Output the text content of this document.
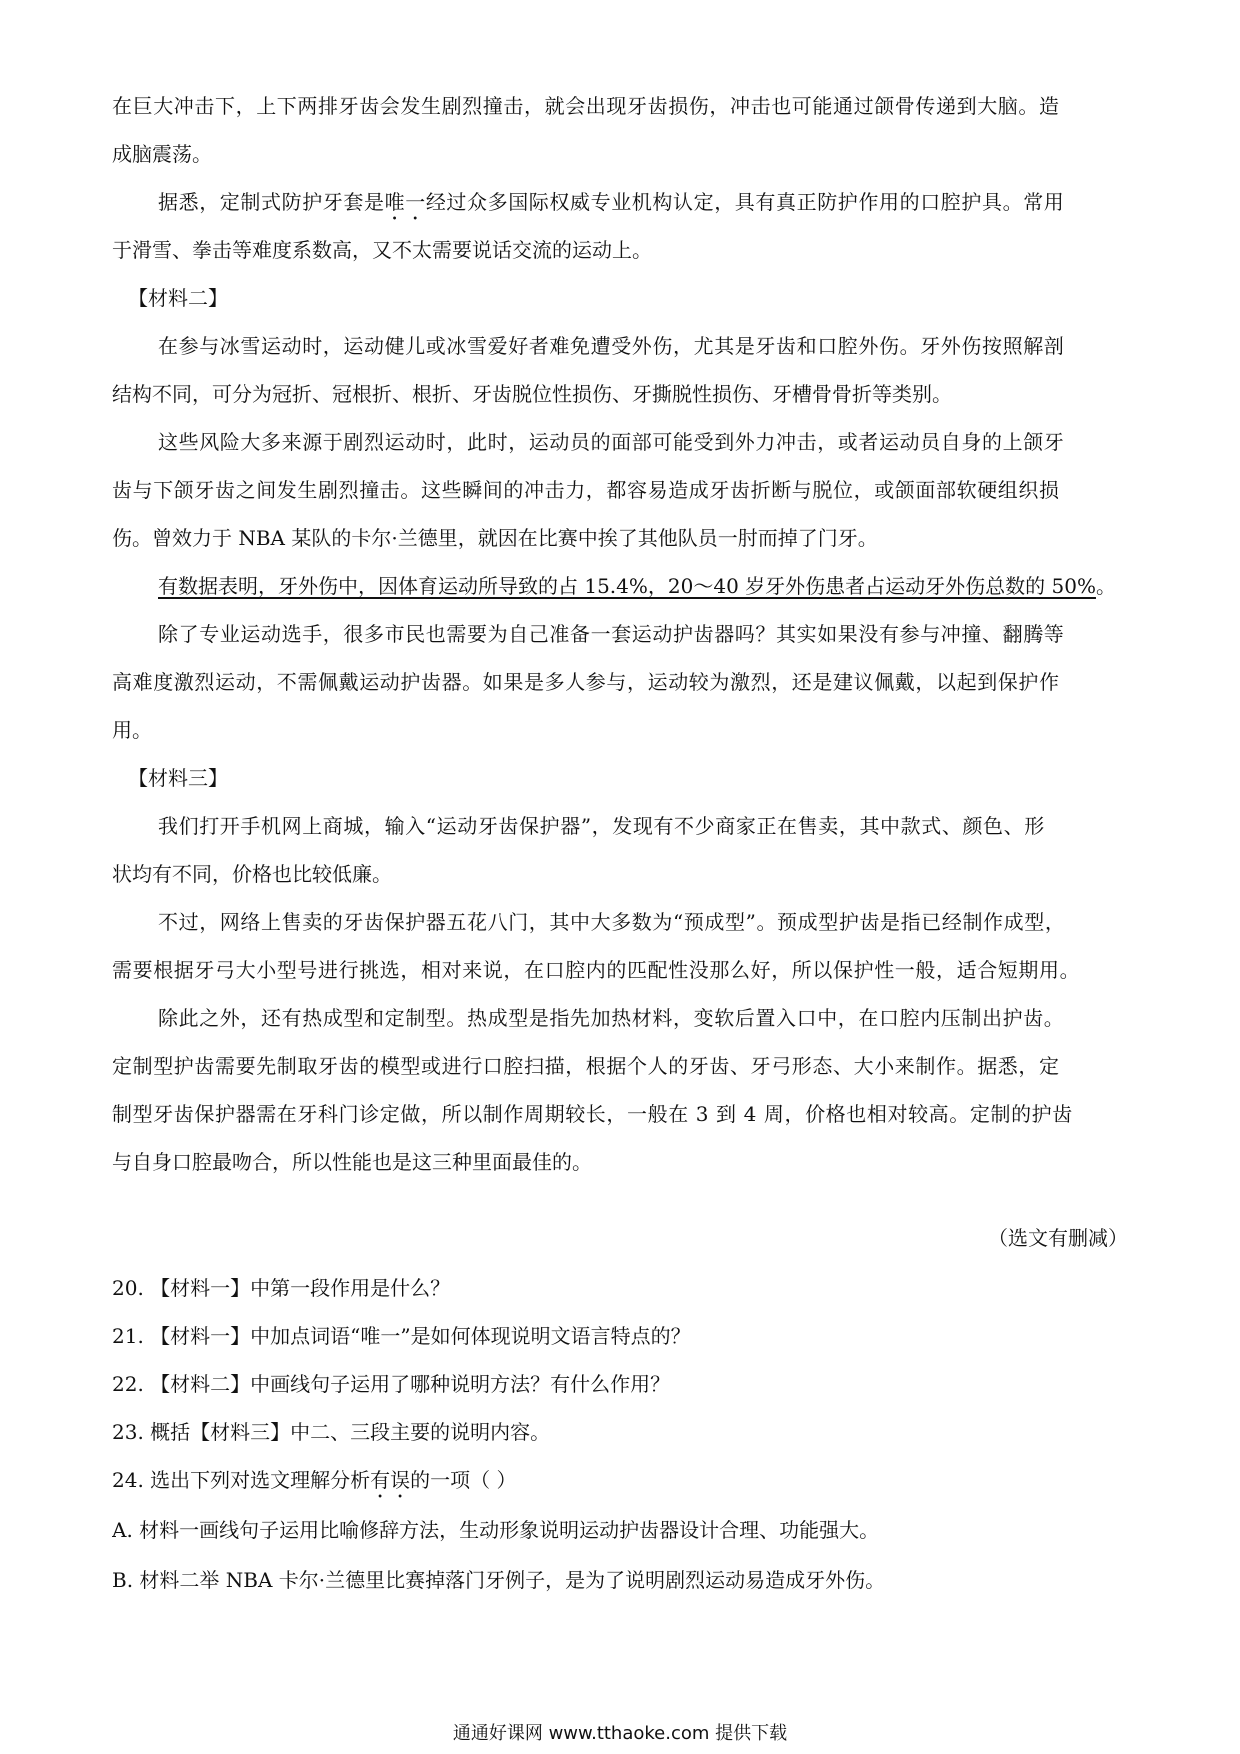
在巨大冲击下，上下两排牙齿会发生剧烈撞击，就会出现牙齿损伤，冲击也可能通过颌骨传递到大脑。造
成脑震荡。
据悉，定制式防护牙套是唯一经过众多国际权威专业机构认定，具有真正防护作用的口腔护具。常用
于滑雪、拳击等难度系数高，又不太需要说话交流的运动上。
【材料二】
在参与冰雪运动时，运动健儿或冰雪爱好者难免遭受外伤，尤其是牙齿和口腔外伤。牙外伤按照解剖
结构不同，可分为冠折、冠根折、根折、牙齿脱位性损伤、牙撕脱性损伤、牙槽骨骨折等类别。
这些风险大多来源于剧烈运动时，此时，运动员的面部可能受到外力冲击，或者运动员自身的上颌牙
齿与下颌牙齿之间发生剧烈撞击。这些瞬间的冲击力，都容易造成牙齿折断与脱位，或颌面部软硬组织损
伤。曾效力于 NBA 某队的卡尔·兰德里，就因在比赛中挨了其他队员一肘而掉了门牙。
有数据表明，牙外伤中，因体育运动所导致的占 15.4%，20～40 岁牙外伤患者占运动牙外伤总数的 50%。
除了专业运动选手，很多市民也需要为自己准备一套运动护齿器吗？其实如果没有参与冲撞、翻腾等
高难度激烈运动，不需佩戴运动护齿器。如果是多人参与，运动较为激烈，还是建议佩戴，以起到保护作
用。
【材料三】
我们打开手机网上商城，输入“运动牙齿保护器”，发现有不少商家正在售卖，其中款式、颜色、形
状均有不同，价格也比较低廉。
不过，网络上售卖的牙齿保护器五花八门，其中大多数为“预成型”。预成型护齿是指已经制作成型，
需要根据牙弓大小型号进行挑选，相对来说，在口腔内的匹配性没那么好，所以保护性一般，适合短期用。
除此之外，还有热成型和定制型。热成型是指先加热材料，变软后置入口中，在口腔内压制出护齿。
定制型护齿需要先制取牙齿的模型或进行口腔扫描，根据个人的牙齿、牙弓形态、大小来制作。据悉，定
制型牙齿保护器需在牙科门诊定做，所以制作周期较长，一般在 3 到 4 周，价格也相对较高。定制的护齿
与自身口腔最吻合，所以性能也是这三种里面最佳的。
（选文有删减）
20. 【材料一】中第一段作用是什么？
21. 【材料一】中加点词语“唯一”是如何体现说明文语言特点的？
22. 【材料二】中画线句子运用了哪种说明方法？有什么作用？
23. 概括【材料三】中二、三段主要的说明内容。
24. 选出下列对选文理解分析有误的一项（ ）
A. 材料一画线句子运用比喻修辞方法，生动形象说明运动护齿器设计合理、功能强大。
B. 材料二举 NBA 卡尔·兰德里比赛掉落门牙例子，是为了说明剧烈运动易造成牙外伤。
通通好课网 www.tthaoke.com 提供下载
